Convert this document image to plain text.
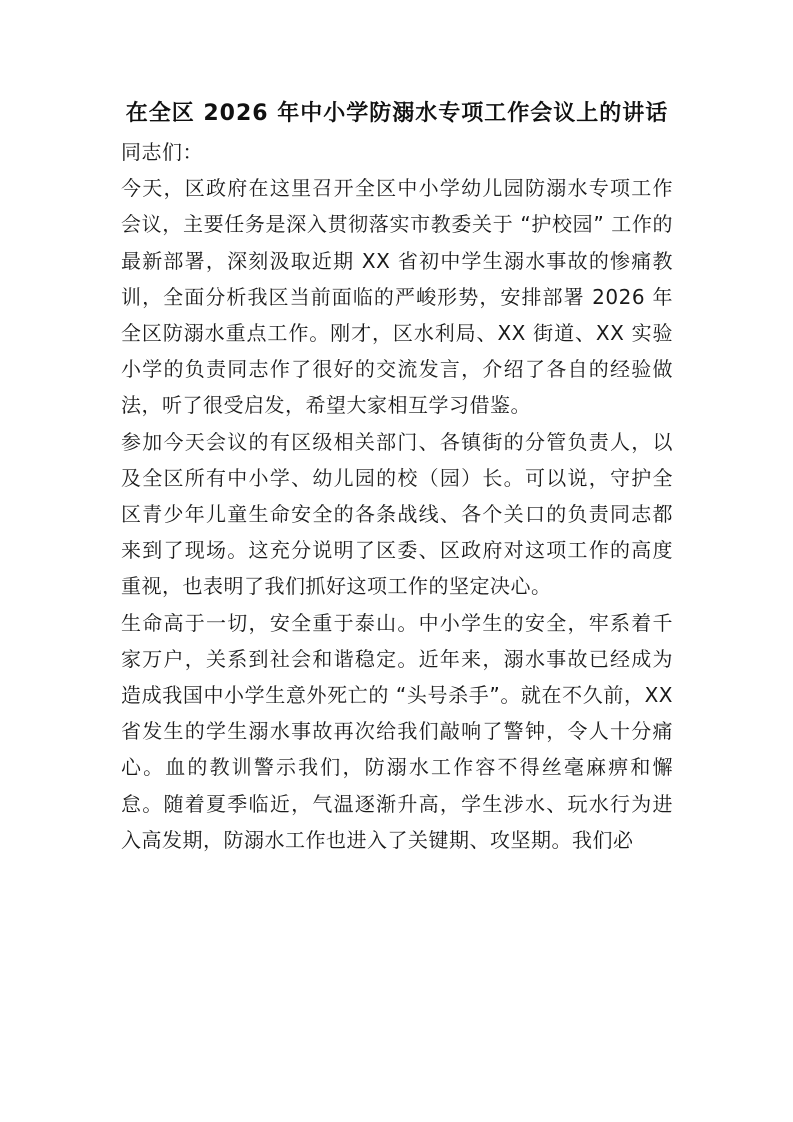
在全区 2026 年中小学防溺水专项工作会议上的讲话

同志们：

今天，区政府在这里召开全区中小学幼儿园防溺水专项工作会议，主要任务是深入贯彻落实市教委关于 “护校园” 工作的最新部署，深刻汲取近期 XX 省初中学生溺水事故的惨痛教训，全面分析我区当前面临的严峻形势，安排部署 2026 年全区防溺水重点工作。刚才，区水利局、XX 街道、XX 实验小学的负责同志作了很好的交流发言，介绍了各自的经验做法，听了很受启发，希望大家相互学习借鉴。

参加今天会议的有区级相关部门、各镇街的分管负责人，以及全区所有中小学、幼儿园的校（园）长。可以说，守护全区青少年儿童生命安全的各条战线、各个关口的负责同志都来到了现场。这充分说明了区委、区政府对这项工作的高度重视，也表明了我们抓好这项工作的坚定决心。

生命高于一切，安全重于泰山。中小学生的安全，牢系着千家万户，关系到社会和谐稳定。近年来，溺水事故已经成为造成我国中小学生意外死亡的 “头号杀手”。就在不久前，XX 省发生的学生溺水事故再次给我们敲响了警钟，令人十分痛心。血的教训警示我们，防溺水工作容不得丝毫麻痹和懈怠。随着夏季临近，气温逐渐升高，学生涉水、玩水行为进入高发期，防溺水工作也进入了关键期、攻坚期。我们必
